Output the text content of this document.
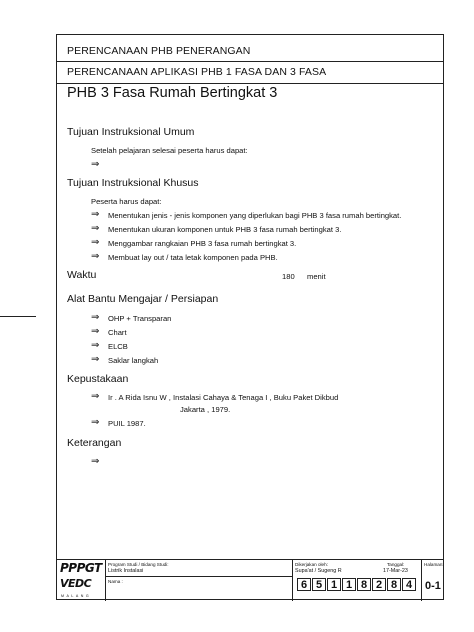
PERENCANAAN PHB PENERANGAN
PERENCANAAN APLIKASI PHB 1 FASA DAN 3 FASA
PHB 3 Fasa Rumah Bertingkat 3
Tujuan Instruksional Umum
Setelah pelajaran selesai peserta harus dapat:
⇒
Tujuan Instruksional Khusus
Peserta harus dapat:
⇒ Menentukan jenis - jenis komponen yang diperlukan bagi PHB 3 fasa rumah bertingkat.
⇒ Menentukan ukuran komponen untuk PHB 3 fasa rumah bertingkat 3.
⇒ Menggambar rangkaian PHB 3 fasa rumah bertingkat 3.
⇒ Membuat lay out / tata letak komponen pada PHB.
Waktu	180 menit
Alat Bantu Mengajar / Persiapan
⇒ OHP + Transparan
⇒ Chart
⇒ ELCB
⇒ Saklar langkah
Kepustakaan
⇒ Ir . A Rida Isnu W , Instalasi Cahaya & Tenaga I , Buku Paket Dikbud
Jakarta , 1979.
⇒ PUIL 1987.
Keterangan
⇒
PPPGT
VEDC
MALANG
Program Studi / Bidang Studi:
Listrik Instalasi
Nama :
Dikerjakan oleh:
Supa'at / Sugeng R
Tanggal:
17-Mar-23
6 5 1 1 8 2 8 4
Halaman:
0-1
